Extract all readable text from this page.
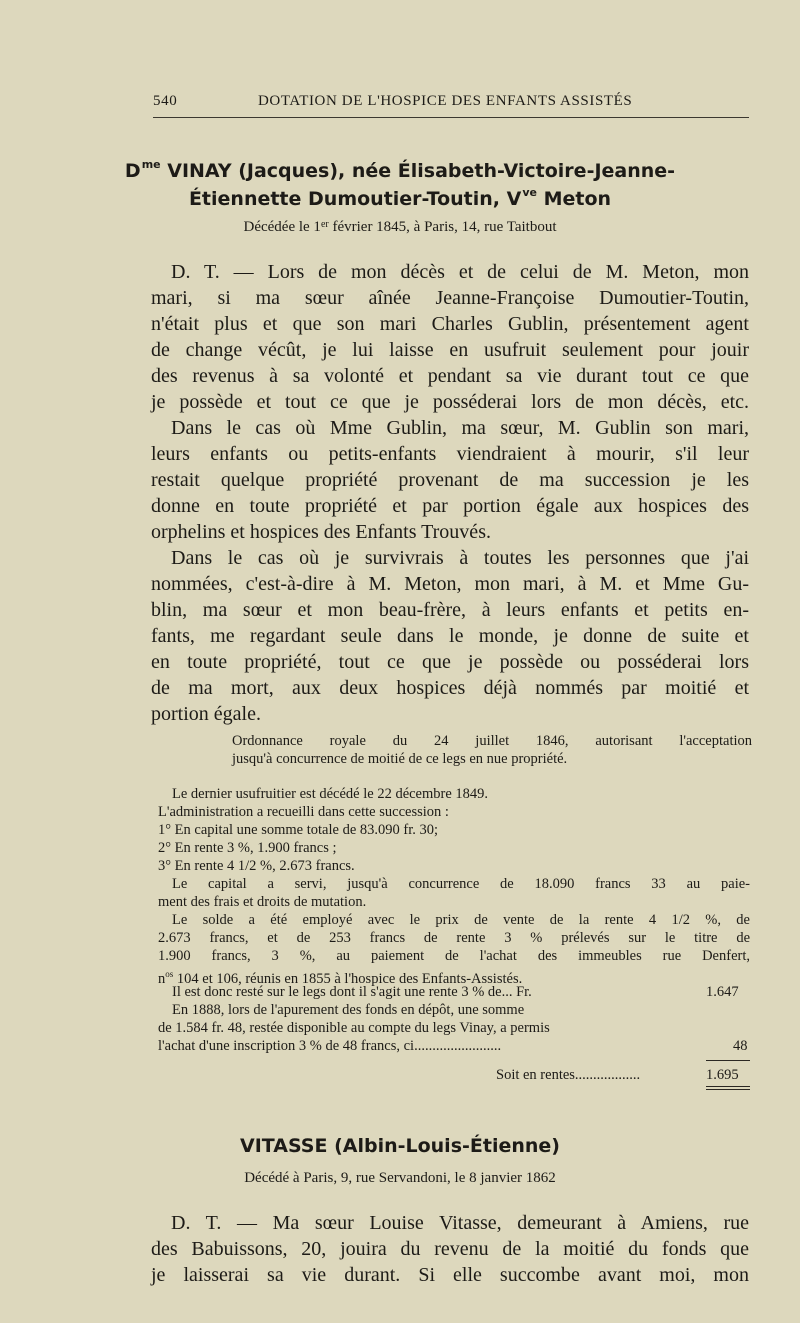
540	DOTATION DE L'HOSPICE DES ENFANTS ASSISTÉS

$D^{me}$ VINAY (Jacques), née Élisabeth-Victoire-Jeanne-

Étiennette Dumoutier-Toutin, $V^{ve}$ Meton

Décédée le 1er février 1845, à Paris, 14, rue Taitbout

D. T. — Lors de mon décès et de celui de M. Meton, mon

mari, si ma sœur aînée Jeanne-Françoise Dumoutier-Toutin,

n'était plus et que son mari Charles Gublin, présentement agent

de change vécût, je lui laisse en usufruit seulement pour jouir

des revenus à sa volonté et pendant sa vie durant tout ce que

je possède et tout ce que je posséderai lors de mon décès, etc.

Dans le cas où Mme Gublin, ma sœur, M. Gublin son mari,

leurs enfants ou petits-enfants viendraient à mourir, s'il leur

restait quelque propriété provenant de ma succession je les

donne en toute propriété et par portion égale aux hospices des

orphelins et hospices des Enfants Trouvés.

Dans le cas où je survivrais à toutes les personnes que j'ai

nommées, c'est-à-dire à M. Meton, mon mari, à M. et Mme Gu-

blin, ma sœur et mon beau-frère, à leurs enfants et petits en-

fants, me regardant seule dans le monde, je donne de suite et

en toute propriété, tout ce que je possède ou posséderai lors

de ma mort, aux deux hospices déjà nommés par moitié et

portion égale.

Ordonnance royale du 24 juillet 1846, autorisant l'acceptation

jusqu'à concurrence de moitié de ce legs en nue propriété.

Le dernier usufruitier est décédé le 22 décembre 1849.

L'administration a recueilli dans cette succession :

1° En capital une somme totale de 83.090 fr. 30;

2° En rente 3 %, 1.900 francs ;

3° En rente 4 1/2 %, 2.673 francs.

Le capital a servi, jusqu'à concurrence de 18.090 francs 33 au paie-

ment des frais et droits de mutation.

Le solde a été employé avec le prix de vente de la rente 4 1/2 %, de

2.673 francs, et de 253 francs de rente 3 % prélevés sur le titre de

1.900 francs, 3 %, au paiement de l'achat des immeubles rue Denfert,

$n^{os}$ 104 et 106, réunis en 1855 à l'hospice des Enfants-Assistés.

Il est donc resté sur le legs dont il s'agit une rente 3 % de... Fr.	1.647

En 1888, lors de l'apurement des fonds en dépôt, une somme

de 1.584 fr. 48, restée disponible au compte du legs Vinay, a permis

l'achat d'une inscription 3 % de 48 francs, ci........................	48

Soit en rentes..................	1.695

VITASSE (Albin-Louis-Étienne)

Décédé à Paris, 9, rue Servandoni, le 8 janvier 1862

D. T. — Ma sœur Louise Vitasse, demeurant à Amiens, rue

des Babuissons, 20, jouira du revenu de la moitié du fonds que

je laisserai sa vie durant. Si elle succombe avant moi, mon
